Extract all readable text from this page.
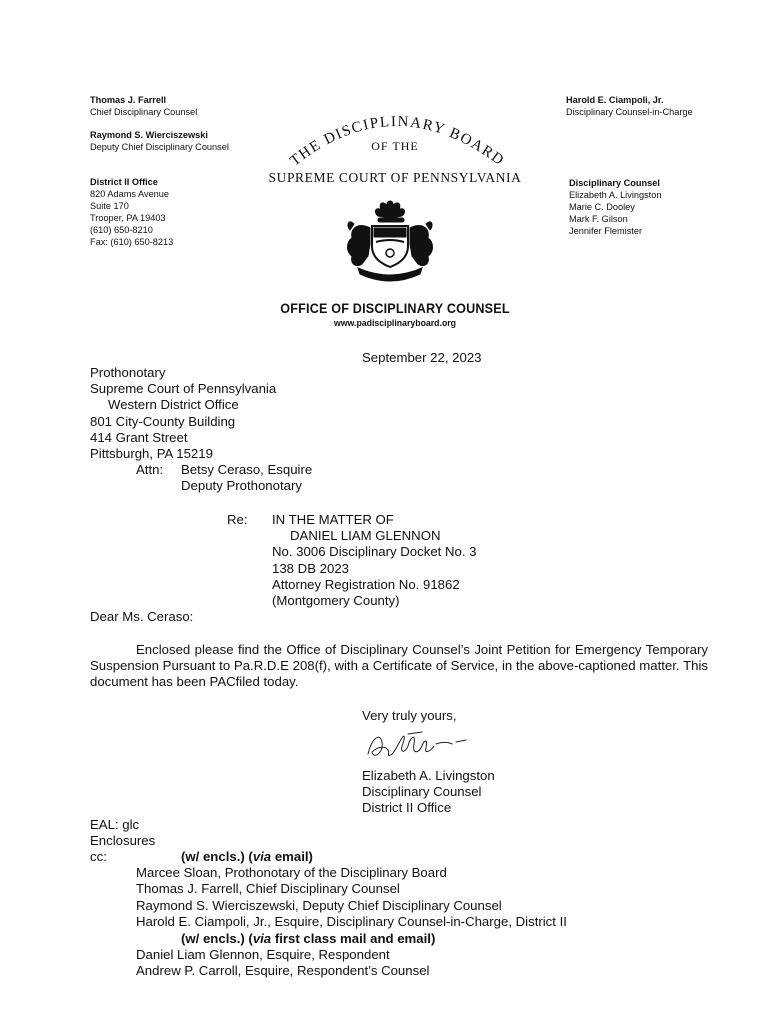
Thomas J. Farrell
Chief Disciplinary Counsel
Raymond S. Wierciszewski
Deputy Chief Disciplinary Counsel
District II Office
820 Adams Avenue
Suite 170
Trooper, PA 19403
(610) 650-8210
Fax: (610) 650-8213
Harold E. Ciampoli, Jr.
Disciplinary Counsel-in-Charge
Disciplinary Counsel
Elizabeth A. Livingston
Marie C. Dooley
Mark F. Gilson
Jennifer Flemister
THE DISCIPLINARY BOARD
OF THE
SUPREME COURT OF PENNSYLVANIA
OFFICE OF DISCIPLINARY COUNSEL
www.padisciplinaryboard.org
September 22, 2023
Prothonotary
Supreme Court of Pennsylvania
Western District Office
801 City-County Building
414 Grant Street
Pittsburgh, PA 15219
Attn: Betsy Ceraso, Esquire
Deputy Prothonotary
Re: IN THE MATTER OF
DANIEL LIAM GLENNON
No. 3006 Disciplinary Docket No. 3
138 DB 2023
Attorney Registration No. 91862
(Montgomery County)
Dear Ms. Ceraso:
Enclosed please find the Office of Disciplinary Counsel’s Joint Petition for Emergency Temporary Suspension Pursuant to Pa.R.D.E 208(f), with a Certificate of Service, in the above-captioned matter. This document has been PACfiled today.
Very truly yours,
Elizabeth A. Livingston
Disciplinary Counsel
District II Office
EAL: glc
Enclosures
cc:	(w/ encls.) (via email)
Marcee Sloan, Prothonotary of the Disciplinary Board
Thomas J. Farrell, Chief Disciplinary Counsel
Raymond S. Wierciszewski, Deputy Chief Disciplinary Counsel
Harold E. Ciampoli, Jr., Esquire, Disciplinary Counsel-in-Charge, District II
(w/ encls.) (via first class mail and email)
Daniel Liam Glennon, Esquire, Respondent
Andrew P. Carroll, Esquire, Respondent’s Counsel
